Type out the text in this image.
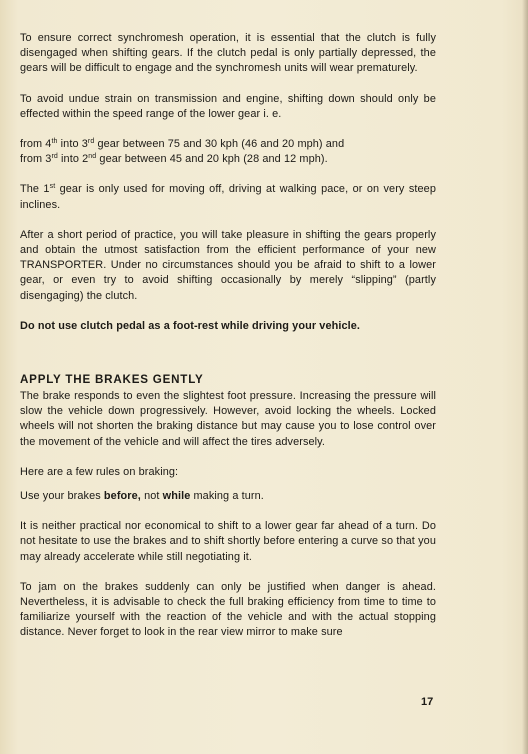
To ensure correct synchromesh operation, it is essential that the clutch is fully disengaged when shifting gears. If the clutch pedal is only partially depressed, the gears will be difficult to engage and the synchromesh units will wear prematurely.

To avoid undue strain on transmission and engine, shifting down should only be effected within the speed range of the lower gear i. e.

from 4th into 3rd gear between 75 and 30 kph (46 and 20 mph) and

from 3rd into 2nd gear between 45 and 20 kph (28 and 12 mph).

The 1st gear is only used for moving off, driving at walking pace, or on very steep inclines.

After a short period of practice, you will take pleasure in shifting the gears properly and obtain the utmost satisfaction from the efficient performance of your new TRANSPORTER. Under no circumstances should you be afraid to shift to a lower gear, or even try to avoid shifting occasionally by merely “slipping” (partly disengaging) the clutch.

Do not use clutch pedal as a foot-rest while driving your vehicle.

APPLY THE BRAKES GENTLY

The brake responds to even the slightest foot pressure. Increasing the pressure will slow the vehicle down progressively. However, avoid locking the wheels. Locked wheels will not shorten the braking distance but may cause you to lose control over the movement of the vehicle and will affect the tires adversely.

Here are a few rules on braking:

Use your brakes before, not while making a turn.

It is neither practical nor economical to shift to a lower gear far ahead of a turn. Do not hesitate to use the brakes and to shift shortly before entering a curve so that you may already accelerate while still negotiating it.

To jam on the brakes suddenly can only be justified when danger is ahead. Nevertheless, it is advisable to check the full braking efficiency from time to time to familiarize yourself with the reaction of the vehicle and with the actual stopping distance. Never forget to look in the rear view mirror to make sure

17
